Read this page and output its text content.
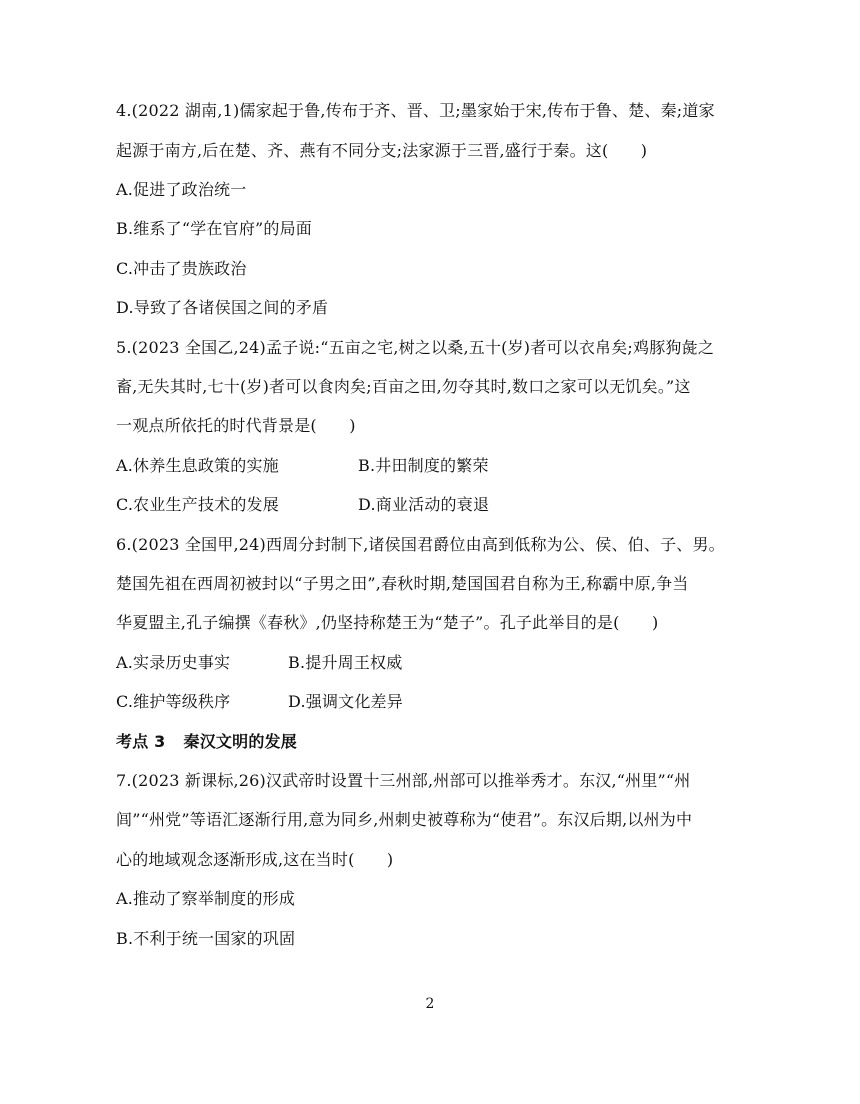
4.(2022 湖南,1)儒家起于鲁,传布于齐、晋、卫;墨家始于宋,传布于鲁、楚、秦;道家
起源于南方,后在楚、齐、燕有不同分支;法家源于三晋,盛行于秦。这(　　)
A.促进了政治统一
B.维系了“学在官府”的局面
C.冲击了贵族政治
D.导致了各诸侯国之间的矛盾
5.(2023 全国乙,24)孟子说:“五亩之宅,树之以桑,五十(岁)者可以衣帛矣;鸡豚狗彘之
畜,无失其时,七十(岁)者可以食肉矣;百亩之田,勿夺其时,数口之家可以无饥矣。”这
一观点所依托的时代背景是(　　)
A.休养生息政策的实施	B.井田制度的繁荣
C.农业生产技术的发展	D.商业活动的衰退
6.(2023 全国甲,24)西周分封制下,诸侯国君爵位由高到低称为公、侯、伯、子、男。
楚国先祖在西周初被封以“子男之田”,春秋时期,楚国国君自称为王,称霸中原,争当
华夏盟主,孔子编撰《春秋》,仍坚持称楚王为“楚子”。孔子此举目的是(　　)
A.实录历史事实	B.提升周王权威
C.维护等级秩序	D.强调文化差异
考点 3 秦汉文明的发展
7.(2023 新课标,26)汉武帝时设置十三州部,州部可以推举秀才。东汉,“州里”“州
闾”“州党”等语汇逐渐行用,意为同乡,州刺史被尊称为“使君”。东汉后期,以州为中
心的地域观念逐渐形成,这在当时(　　)
A.推动了察举制度的形成
B.不利于统一国家的巩固
2
